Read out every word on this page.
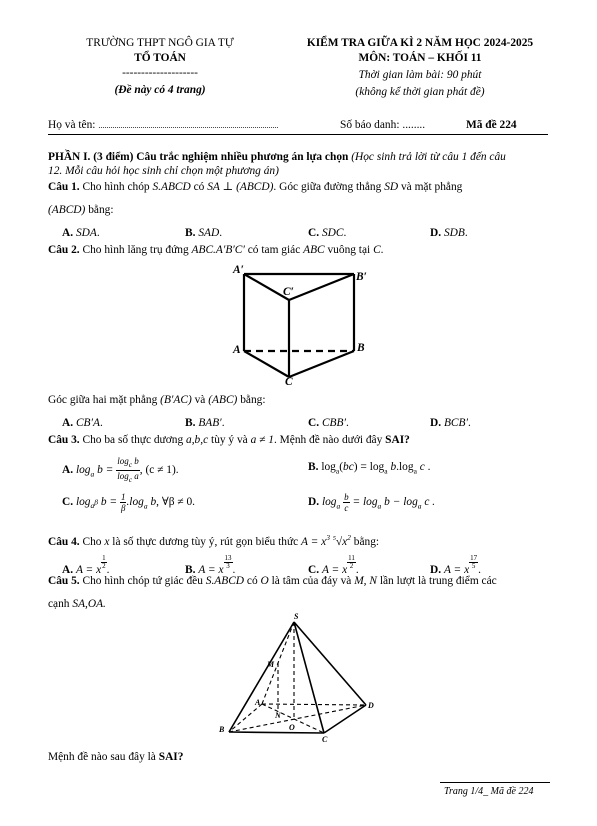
TRƯỜNG THPT NGÔ GIA TỰ
TỔ TOÁN
--------------------
(Đề này có 4 trang)
KIỂM TRA GIỮA KÌ 2 NĂM HỌC 2024-2025
MÔN: TOÁN – KHỐI 11
Thời gian làm bài: 90 phút
(không kể thời gian phát đề)
Họ và tên: ..........................................................................................	Số báo danh: ........	Mã đề 224
PHẦN I. (3 điểm) Câu trắc nghiệm nhiều phương án lựa chọn (Học sinh trả lời từ câu 1 đến câu
12. Mỗi câu hỏi học sinh chỉ chọn một phương án)
Câu 1. Cho hình chóp S.ABCD có SA ⊥ (ABCD). Góc giữa đường thẳng SD và mặt phẳng
(ABCD) bằng:
A. SDA.	B. SAD.	C. SDC.	D. SDB.
Câu 2. Cho hình lăng trụ đứng ABC.A′B′C′ có tam giác ABC vuông tại C.
A′
B′
C′
A	B
C
Góc giữa hai mặt phẳng (B′AC) và (ABC) bằng:
A. CB′A.	B. BAB′.	C. CBB′.	D. BCB′.
Câu 3. Cho ba số thực dương a,b,c tùy ý và a ≠ 1. Mệnh đề nào dưới đây SAI?
A. $\log_a b = \frac{\log_c b}{\log_c a}$ , (c ≠ 1).	B. $\log_a(bc) = \log_a b.\log_a$ c .
C. $\log_{a^\beta} b = \frac{1}{\beta} .\log_a$ b, ∀β ≠ 0.	D. $\log_a \frac{b}{c} = \log_a b - \log_a c$ .
Câu 4. Cho x là số thực dương tùy ý, rút gọn biểu thức $A = x^3$ $^5√x^2$ bằng:
A. A = x $\frac{1}{2}$ .	B. A = x $\frac{13}{3}$ .	C. A = x $\frac{11}{2}$ .	D. A = x $\frac{17}{5}$ .
Câu 5. Cho hình chóp tứ giác đều S.ABCD có O là tâm của đáy và M, N lần lượt là trung điểm các
cạnh SA,OA.
S
M
N
A
B
C
D
O
Mệnh đề nào sau đây là SAI?
Trang 1/4_ Mã đề 224
